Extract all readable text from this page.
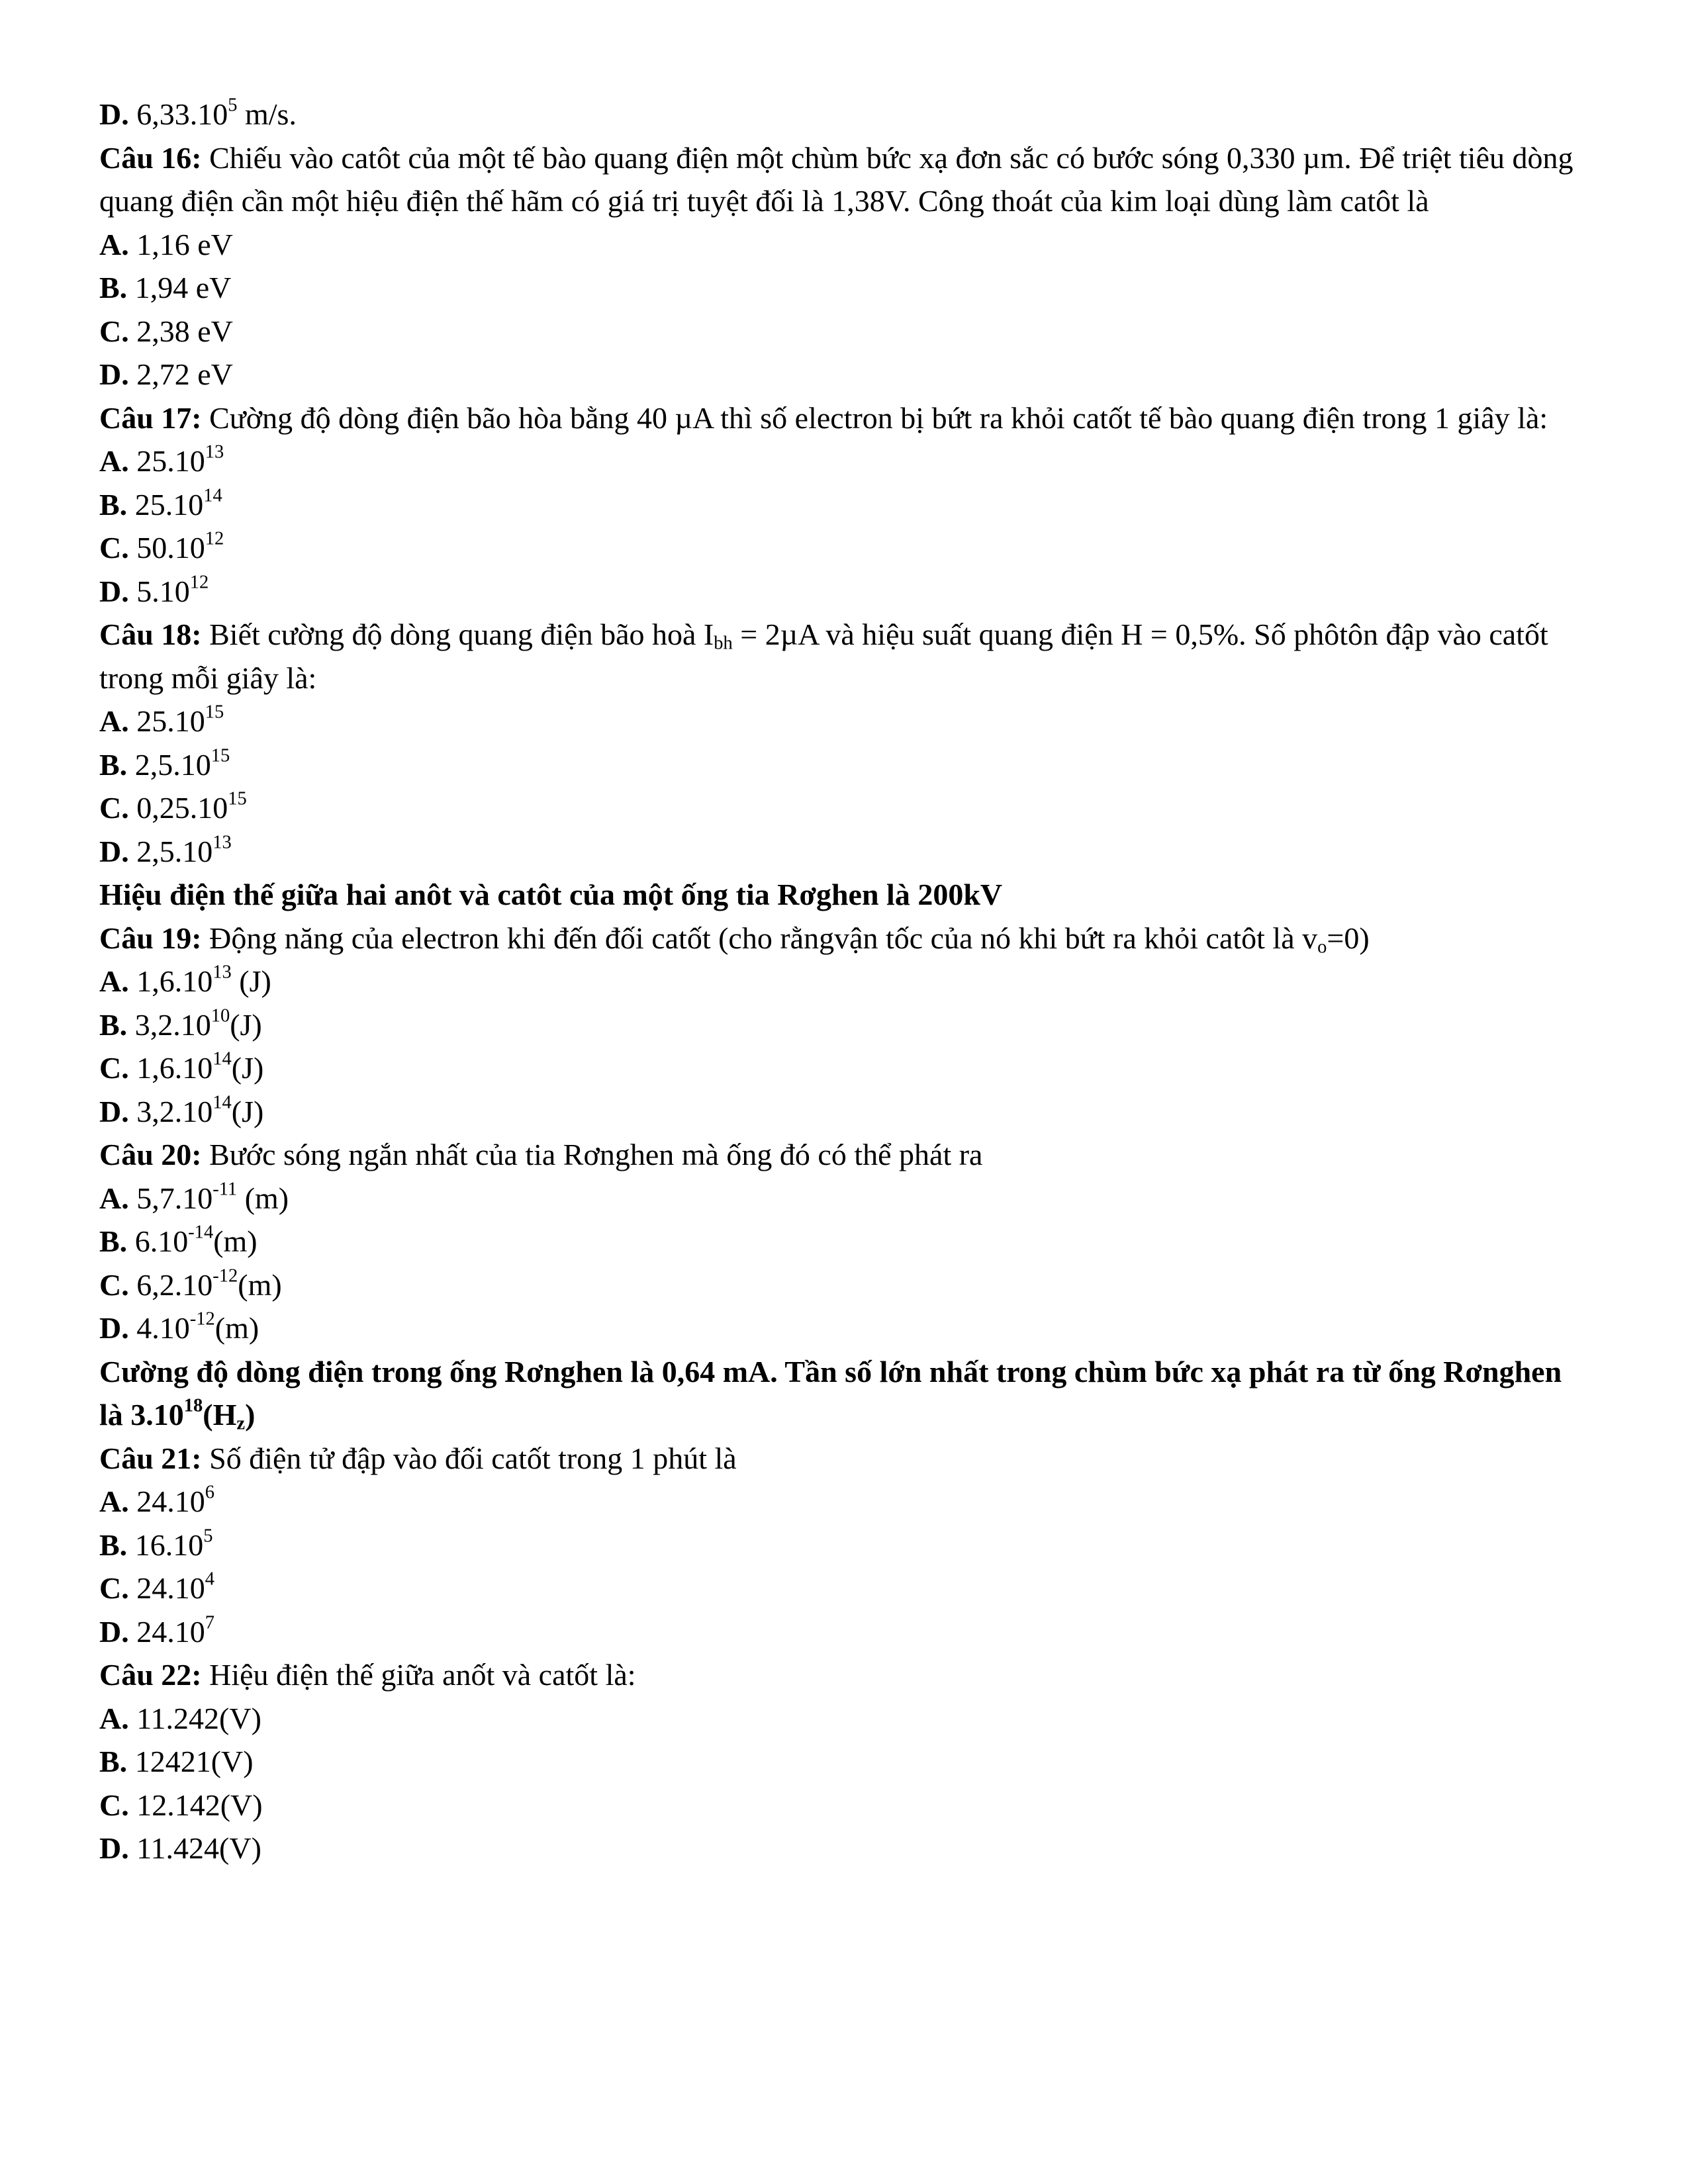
D. 6,33.10$^5$ m/s.

Câu 16: Chiếu vào catôt của một tế bào quang điện một chùm bức xạ đơn sắc có bước sóng 0,330 µm. Để triệt tiêu dòng quang điện cần một hiệu điện thế hãm có giá trị tuyệt đối là 1,38V. Công thoát của kim loại dùng làm catôt là

A. 1,16 eV

B. 1,94 eV

C. 2,38 eV

D. 2,72 eV

Câu 17: Cường độ dòng điện bão hòa bằng 40 µA thì số electron bị bứt ra khỏi catốt tế bào quang điện trong 1 giây là:

A. 25.10$^{13}$

B. 25.10$^{14}$

C. 50.10$^{12}$

D. 5.10$^{12}$

Câu 18: Biết cường độ dòng quang điện bão hoà $I_{bh} = 2\mu A$ và hiệu suất quang điện H = 0,5%. Số phôtôn đập vào catốt trong mỗi giây là:

A. 25.10$^{15}$

B. 2,5.10$^{15}$

C. 0,25.10$^{15}$

D. 2,5.10$^{13}$

Hiệu điện thế giữa hai anôt và catôt của một ống tia Rơghen là 200kV

Câu 19: Động năng của electron khi đến đối catốt (cho rằngvận tốc của nó khi bứt ra khỏi catôt là $v_o=0$)

A. 1,6.10$^{13}$ (J)

B. 3,2.10$^{10}$(J)

C. 1,6.10$^{14}$(J)

D. 3,2.10$^{14}$(J)

Câu 20: Bước sóng ngắn nhất của tia Rơnghen mà ống đó có thể phát ra

A. $5,7.10^{-11}$ (m)

B. $6.10^{-14}(m)$

C. $6,2.10^{-12}(m)$

D. $4.10^{-12}(m)$

Cường độ dòng điện trong ống Rơnghen là 0,64 mA. Tần số lớn nhất trong chùm bức xạ phát ra từ ống Rơnghen là $3.10^{18}(H_z)$

Câu 21: Số điện tử đập vào đối catốt trong 1 phút là

A. 24.10$^6$

B. 16.10$^5$

C. 24.10$^4$

D. 24.10$^7$

Câu 22: Hiệu điện thế giữa anốt và catốt là:

A. 11.242(V)

B. 12421(V)

C. 12.142(V)

D. 11.424(V)
